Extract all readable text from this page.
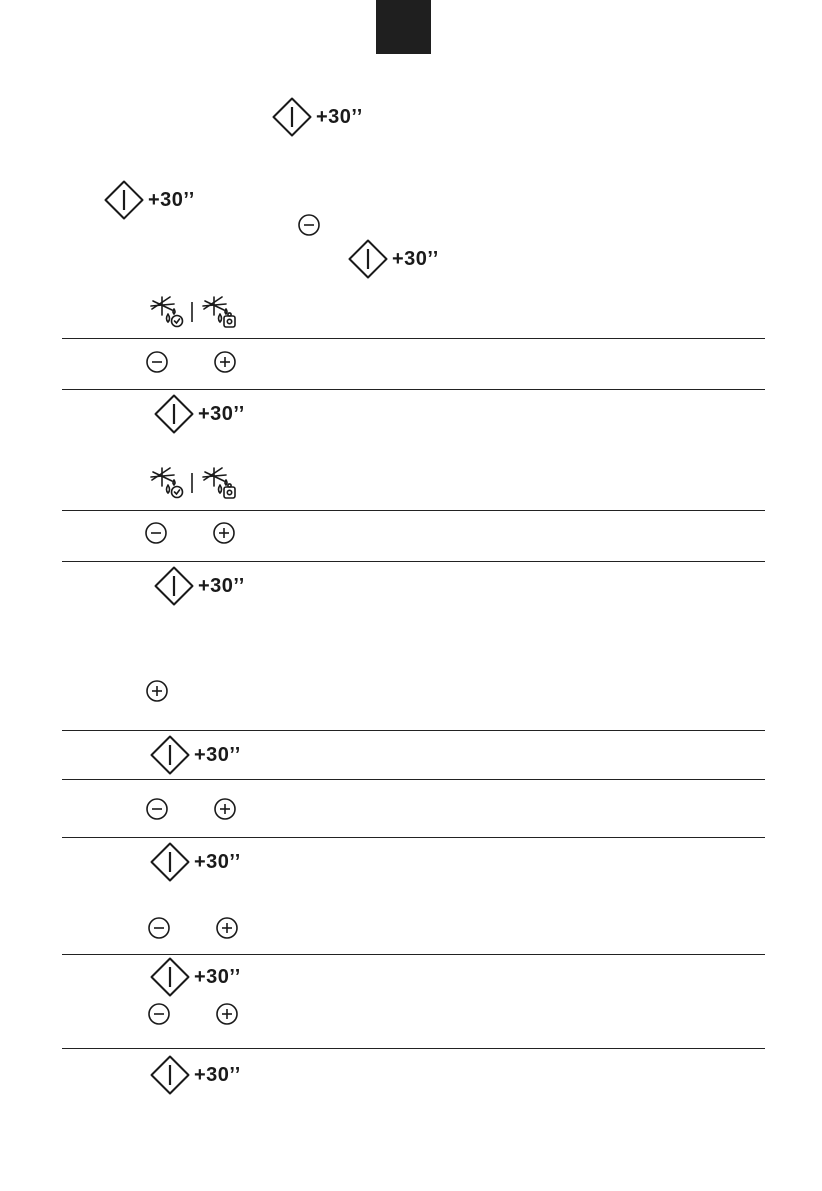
+30’’
+30’’
+30’’
+30’’
+30’’
+30’’
+30’’
+30’’
+30’’
